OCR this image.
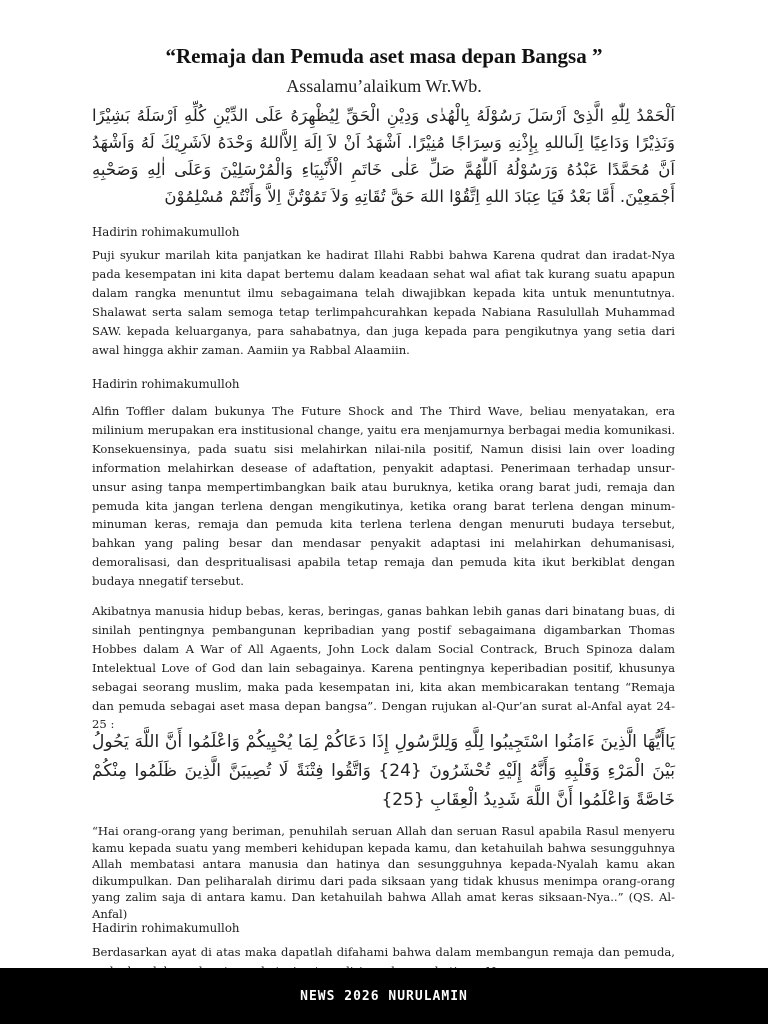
“Remaja dan Pemuda aset masa depan Bangsa ”
Assalamu’alaikum Wr.Wb.

اَلْحَمْدُ لِلّٰهِ الَّذِىْ اَرْسَلَ رَسُوْلَهُ بِالْهُدٰى وَدِيْنِ الْحَقِّ لِيُظْهِرَهُ عَلَى الدِّيْنِ كُلِّهِ اَرْسَلَهُ بَشِيْرًا وَنَذِيْرًا وَدَاعِيًا اِلَىاللهِ بِإِذْنِهِ وَسِرَاجًا مُنِيْرًا. اَشْهَدُ اَنْ لاَ اِلَهَ اِلاَّاللهُ وَحْدَهُ لاَشَرِيْكَ لَهُ وَاَشْهَدُ اَنَّ مُحَمَّدًا عَبْدُهُ وَرَسُوْلُهُ اَللّٰهُمَّ صَلِّ عَلٰى خَاتَمِ الْأَنْبِيَاءِ وَالْمُرْسَلِيْنَ وَعَلَى اٰلِهِ وَصَحْبِهِ أَجْمَعِيْنَ. أَمَّا بَعْدُ فَيَا عِبَادَ اللهِ اِتَّقُوْا اللهَ حَقَّ تُقَاتِهِ وَلاَ تَمُوْتُنَّ اِلاَّ وَأَنْتُمْ مُسْلِمُوْنَ

Hadirin rohimakumulloh

Puji syukur marilah kita panjatkan ke hadirat Illahi Rabbi bahwa Karena qudrat dan iradat-Nya pada kesempatan ini kita dapat bertemu dalam keadaan sehat wal afiat tak kurang suatu apapun dalam rangka menuntut ilmu sebagaimana telah diwajibkan kepada kita untuk menuntutnya. Shalawat serta salam semoga tetap terlimpahcurahkan kepada Nabiana Rasulullah Muhammad SAW. kepada keluarganya, para sahabatnya, dan juga kepada para pengikutnya yang setia dari awal hingga akhir zaman. Aamiin ya Rabbal Alaamiin.

Hadirin rohimakumulloh

Alfin Toffler dalam bukunya The Future Shock and The Third Wave, beliau menyatakan, era milinium merupakan era institusional change, yaitu era menjamurnya berbagai media komunikasi. Konsekuensinya, pada suatu sisi melahirkan nilai-nila positif, Namun disisi lain over loading information melahirkan desease of adaftation, penyakit adaptasi. Penerimaan terhadap unsur-unsur asing tanpa mempertimbangkan baik atau buruknya, ketika orang barat judi, remaja dan pemuda kita jangan terlena dengan mengikutinya, ketika orang barat terlena dengan minum-minuman keras, remaja dan pemuda kita terlena terlena dengan menuruti budaya tersebut, bahkan yang paling besar dan mendasar penyakit adaptasi ini melahirkan dehumanisasi, demoralisasi, dan despritualisasi apabila tetap remaja dan pemuda kita ikut berkiblat dengan budaya nnegatif tersebut.

Akibatnya manusia hidup bebas, keras, beringas, ganas bahkan lebih ganas dari binatang buas, di sinilah pentingnya pembangunan kepribadian yang postif sebagaimana digambarkan Thomas Hobbes dalam A War of All Agaents, John Lock dalam Social Contrack, Bruch Spinoza dalam Intelektual Love of God dan lain sebagainya. Karena pentingnya keperibadian positif, khusunya sebagai seorang muslim, maka pada kesempatan ini, kita akan membicarakan tentang “Remaja dan pemuda sebagai aset masa depan bangsa”. Dengan rujukan al-Qur’an surat al-Anfal ayat 24-25 :

يَاأَيُّهَا الَّذِينَ ءَامَنُوا اسْتَجِيبُوا لِلَّهِ وَلِلرَّسُولِ إِذَا دَعَاكُمْ لِمَا يُحْيِيكُمْ وَاعْلَمُوا أَنَّ اللَّهَ يَحُولُ بَيْنَ الْمَرْءِ وَقَلْبِهِ وَأَنَّهُ إِلَيْهِ تُحْشَرُونَ {24} وَاتَّقُوا فِتْنَةً لَا تُصِيبَنَّ الَّذِينَ ظَلَمُوا مِنْكُمْ خَاصَّةً وَاعْلَمُوا أَنَّ اللَّهَ شَدِيدُ الْعِقَابِ {25}

“Hai orang-orang yang beriman, penuhilah seruan Allah dan seruan Rasul apabila Rasul menyeru kamu kepada suatu yang memberi kehidupan kepada kamu, dan ketahuilah bahwa sesungguhnya Allah membatasi antara manusia dan hatinya dan sesungguhnya kepada-Nyalah kamu akan dikumpulkan. Dan peliharalah dirimu dari pada siksaan yang tidak khusus menimpa orang-orang yang zalim saja di antara kamu. Dan ketahuilah bahwa Allah amat keras siksaan-Nya..” (QS. Al-Anfal)

Hadirin rohimakumulloh

Berdasarkan ayat di atas maka dapatlah difahami bahwa dalam membangun remaja dan pemuda,

NEWS 2026 NURULAMIN
